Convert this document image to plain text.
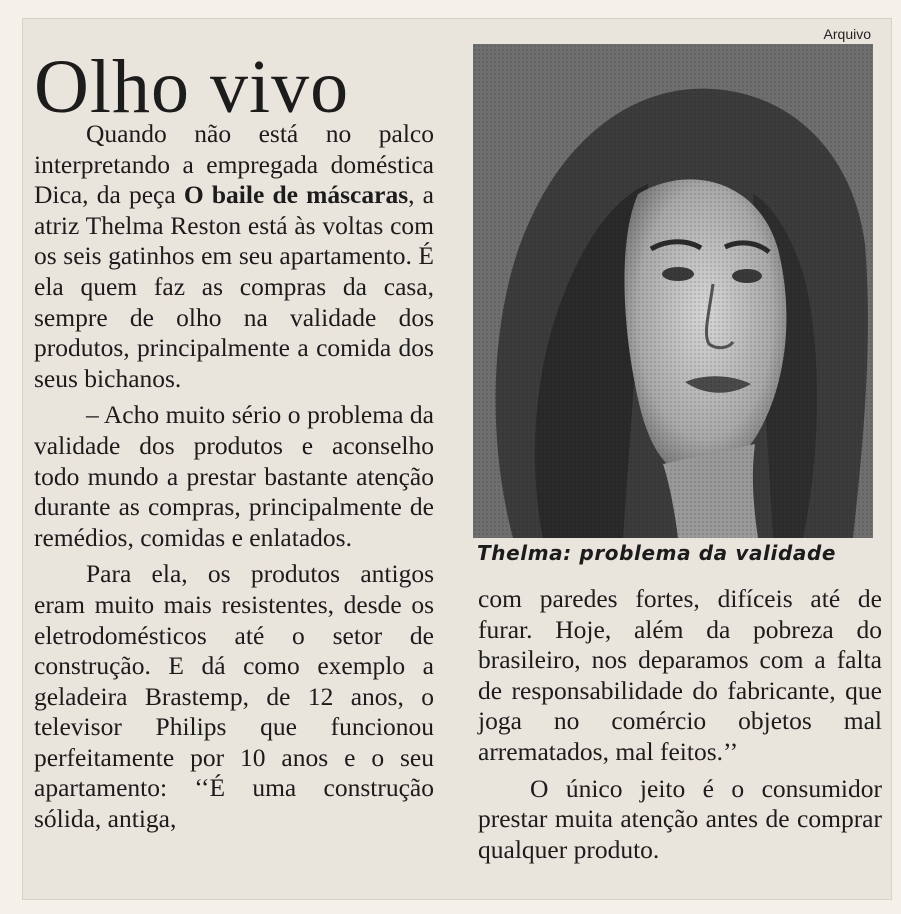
Arquivo
Olho vivo

Quando não está no palco interpretando a empregada doméstica Dica, da peça O baile de máscaras, a atriz Thelma Reston está às voltas com os seis gatinhos em seu apartamento. É ela quem faz as compras da casa, sempre de olho na validade dos produtos, principalmente a comida dos seus bichanos.

– Acho muito sério o problema da validade dos produtos e aconselho todo mundo a prestar bastante atenção durante as compras, principalmente de remédios, comidas e enlatados.

Para ela, os produtos antigos eram muito mais resistentes, desde os eletrodomésticos até o setor de construção. E dá como exemplo a geladeira Brastemp, de 12 anos, o televisor Philips que funcionou perfeitamente por 10 anos e o seu apartamento: ‘‘É uma construção sólida, antiga,

Thelma: problema da validade

com paredes fortes, difíceis até de furar. Hoje, além da pobreza do brasileiro, nos deparamos com a falta de responsabilidade do fabricante, que joga no comércio objetos mal arrematados, mal feitos.’’

O único jeito é o consumidor prestar muita atenção antes de comprar qualquer produto.
